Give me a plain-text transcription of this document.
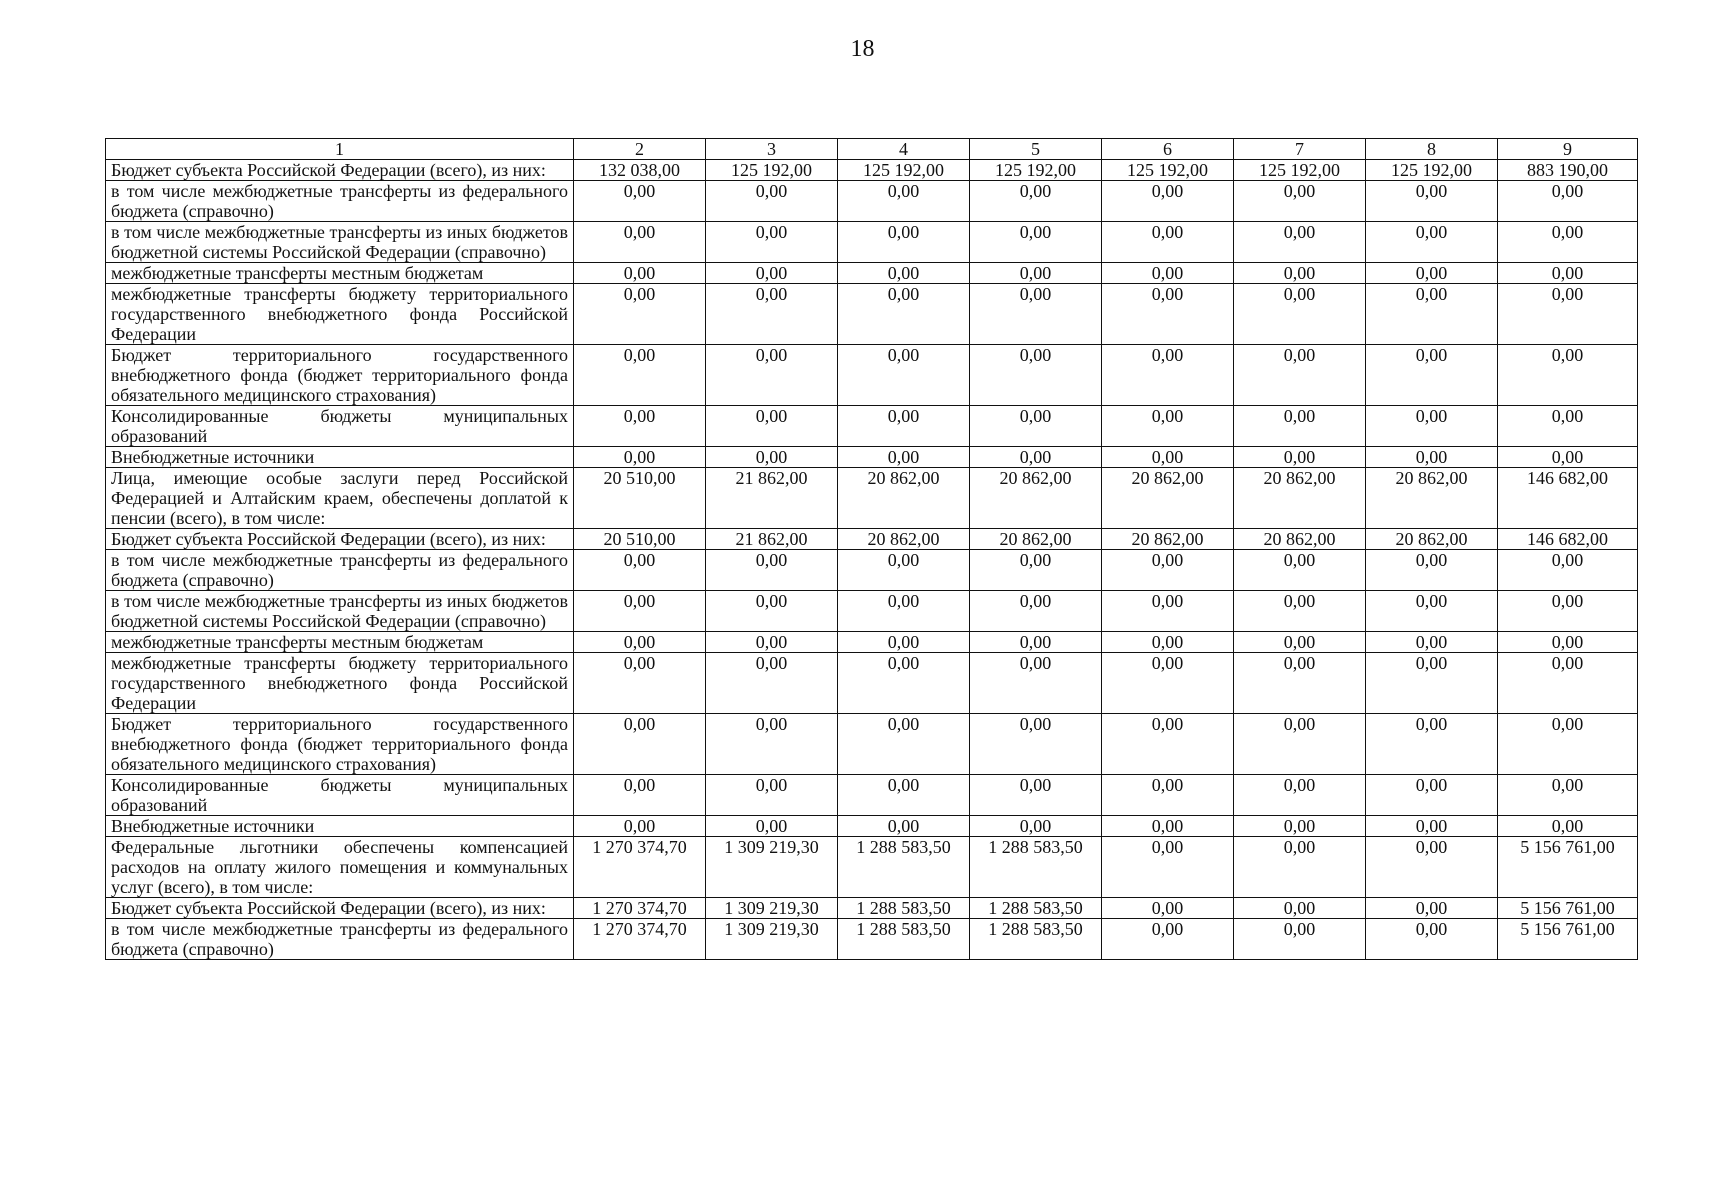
18
1	2	3	4	5	6	7	8	9
Бюджет субъекта Российской Федерации (всего), из них:	132 038,00	125 192,00	125 192,00	125 192,00	125 192,00	125 192,00	125 192,00	883 190,00
в том числе межбюджетные трансферты из федерального бюджета (справочно)	0,00	0,00	0,00	0,00	0,00	0,00	0,00	0,00
в том числе межбюджетные трансферты из иных бюджетов бюджетной системы Российской Федерации (справочно)	0,00	0,00	0,00	0,00	0,00	0,00	0,00	0,00
межбюджетные трансферты местным бюджетам	0,00	0,00	0,00	0,00	0,00	0,00	0,00	0,00
межбюджетные трансферты бюджету территориального государственного внебюджетного фонда Российской Федерации	0,00	0,00	0,00	0,00	0,00	0,00	0,00	0,00
Бюджет территориального государственного внебюджетного фонда (бюджет территориального фонда обязательного медицинского страхования)	0,00	0,00	0,00	0,00	0,00	0,00	0,00	0,00
Консолидированные бюджеты муниципальных образований	0,00	0,00	0,00	0,00	0,00	0,00	0,00	0,00
Внебюджетные источники	0,00	0,00	0,00	0,00	0,00	0,00	0,00	0,00
Лица, имеющие особые заслуги перед Российской Федерацией и Алтайским краем, обеспечены доплатой к пенсии (всего), в том числе:	20 510,00	21 862,00	20 862,00	20 862,00	20 862,00	20 862,00	20 862,00	146 682,00
Бюджет субъекта Российской Федерации (всего), из них:	20 510,00	21 862,00	20 862,00	20 862,00	20 862,00	20 862,00	20 862,00	146 682,00
в том числе межбюджетные трансферты из федерального бюджета (справочно)	0,00	0,00	0,00	0,00	0,00	0,00	0,00	0,00
в том числе межбюджетные трансферты из иных бюджетов бюджетной системы Российской Федерации (справочно)	0,00	0,00	0,00	0,00	0,00	0,00	0,00	0,00
межбюджетные трансферты местным бюджетам	0,00	0,00	0,00	0,00	0,00	0,00	0,00	0,00
межбюджетные трансферты бюджету территориального государственного внебюджетного фонда Российской Федерации	0,00	0,00	0,00	0,00	0,00	0,00	0,00	0,00
Бюджет территориального государственного внебюджетного фонда (бюджет территориального фонда обязательного медицинского страхования)	0,00	0,00	0,00	0,00	0,00	0,00	0,00	0,00
Консолидированные бюджеты муниципальных образований	0,00	0,00	0,00	0,00	0,00	0,00	0,00	0,00
Внебюджетные источники	0,00	0,00	0,00	0,00	0,00	0,00	0,00	0,00
Федеральные льготники обеспечены компенсацией расходов на оплату жилого помещения и коммунальных услуг (всего), в том числе:	1 270 374,70	1 309 219,30	1 288 583,50	1 288 583,50	0,00	0,00	0,00	5 156 761,00
Бюджет субъекта Российской Федерации (всего), из них:	1 270 374,70	1 309 219,30	1 288 583,50	1 288 583,50	0,00	0,00	0,00	5 156 761,00
в том числе межбюджетные трансферты из федерального бюджета (справочно)	1 270 374,70	1 309 219,30	1 288 583,50	1 288 583,50	0,00	0,00	0,00	5 156 761,00
